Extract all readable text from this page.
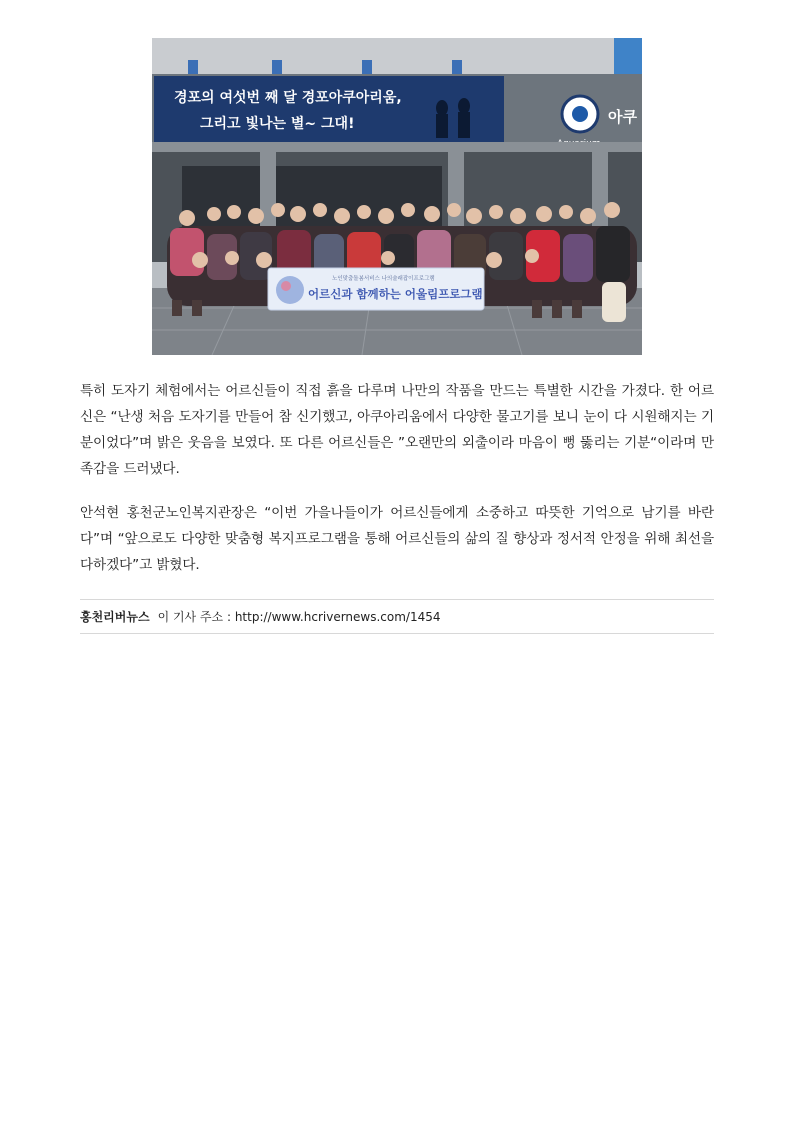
경포의 여섯번 째 달 경포아쿠아리움,
그리고 빛나는 별~ 그대!	아쿠
노인맞춤돌봄서비스 나의술래잡이프로그램
어르신과 함께하는 어울림프로그램

특히 도자기 체험에서는 어르신들이 직접 흙을 다루며 나만의 작품을 만드는 특별한 시간을 가졌다. 한 어르신은 “난생 처음 도자기를 만들어 참 신기했고, 아쿠아리움에서 다양한 물고기를 보니 눈이 다 시원해지는 기분이었다”며 밝은 웃음을 보였다. 또 다른 어르신들은 ”오랜만의 외출이라 마음이 뻥 뚫리는 기분“이라며 만족감을 드러냈다.

안석현 홍천군노인복지관장은 “이번 가을나들이가 어르신들에게 소중하고 따뜻한 기억으로 남기를 바란다”며 “앞으로도 다양한 맞춤형 복지프로그램을 통해 어르신들의 삶의 질 향상과 정서적 안정을 위해 최선을 다하겠다”고 밝혔다.

홍천리버뉴스 이 기사 주소 : http://www.hcrivernews.com/1454
